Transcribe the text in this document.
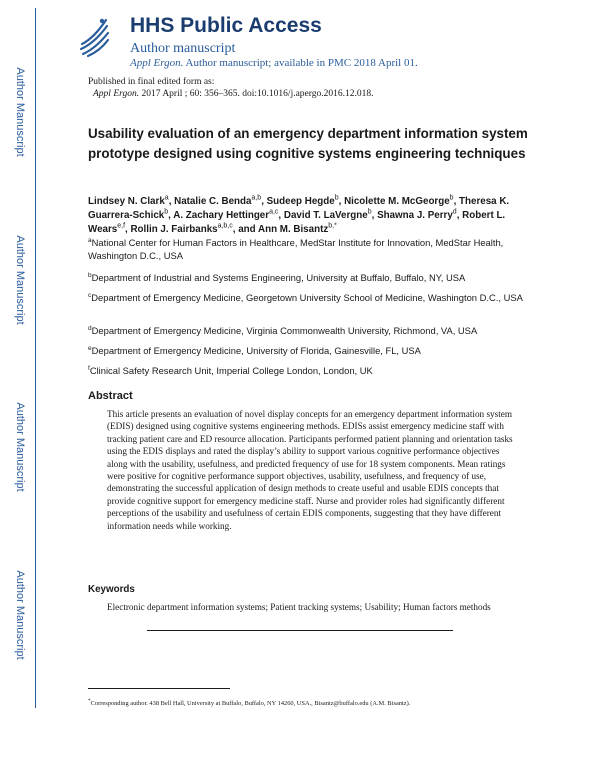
Author Manuscript
Author Manuscript
Author Manuscript
Author Manuscript
HHS Public Access
Author manuscript
Appl Ergon. Author manuscript; available in PMC 2018 April 01.
Published in final edited form as:
Appl Ergon. 2017 April ; 60: 356–365. doi:10.1016/j.apergo.2016.12.018.
Usability evaluation of an emergency department information system prototype designed using cognitive systems engineering techniques

Lindsey N. Clark$^a$, Natalie C. Benda$^{a,b}$, Sudeep Hegde$^b$, Nicolette M. McGeorge$^b$, Theresa K. Guarrera-Schick$^b$, A. Zachary Hettinger$^{a,c}$, David T. LaVergne$^b$, Shawna J. Perry$^d$, Robert L. Wears$^{e,f}$, Rollin J. Fairbanks$^{a,b,c}$, and Ann M. Bisantz$^{b,*}$

$^a$National Center for Human Factors in Healthcare, MedStar Institute for Innovation, MedStar Health, Washington D.C., USA

$^b$Department of Industrial and Systems Engineering, University at Buffalo, Buffalo, NY, USA

$^c$Department of Emergency Medicine, Georgetown University School of Medicine, Washington D.C., USA

$^d$Department of Emergency Medicine, Virginia Commonwealth University, Richmond, VA, USA

$^e$Department of Emergency Medicine, University of Florida, Gainesville, FL, USA

$^f$Clinical Safety Research Unit, Imperial College London, London, UK

Abstract

This article presents an evaluation of novel display concepts for an emergency department information system (EDIS) designed using cognitive systems engineering methods. EDISs assist emergency medicine staff with tracking patient care and ED resource allocation. Participants performed patient planning and orientation tasks using the EDIS displays and rated the display’s ability to support various cognitive performance objectives along with the usability, usefulness, and predicted frequency of use for 18 system components. Mean ratings were positive for cognitive performance support objectives, usability, usefulness, and frequency of use, demonstrating the successful application of design methods to create useful and usable EDIS concepts that provide cognitive support for emergency medicine staff. Nurse and provider roles had significantly different perceptions of the usability and usefulness of certain EDIS components, suggesting that they have different information needs while working.

Keywords

Electronic department information systems; Patient tracking systems; Usability; Human factors methods

*Corresponding author. 438 Bell Hall, University at Buffalo, Buffalo, NY 14260, USA., Bisantz@buffalo.edu (A.M. Bisantz).
